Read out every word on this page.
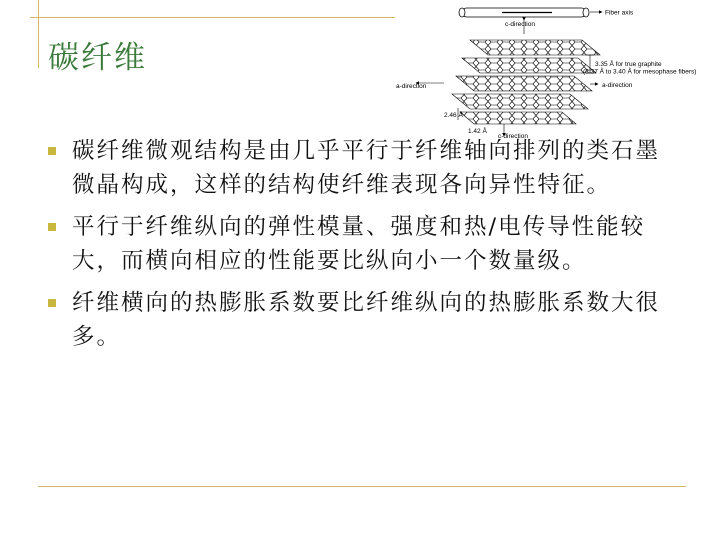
碳纤维
Fiber axis
c-direction
3.35 Å for true graphite
(3.37 Å to 3.40 Å for mesophase fibers)
a-direction	a-direction
2.46 Å
1.42 Å
c-direction
碳纤维微观结构是由几乎平行于纤维轴向排列的类石墨微晶构成，这样的结构使纤维表现各向异性特征。
平行于纤维纵向的弹性模量、强度和热/电传导性能较大，而横向相应的性能要比纵向小一个数量级。
纤维横向的热膨胀系数要比纤维纵向的热膨胀系数大很多。
